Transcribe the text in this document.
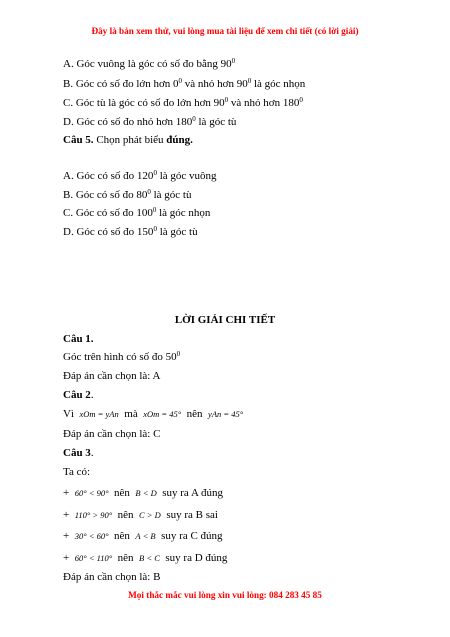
Đây là bản xem thử, vui lòng mua tài liệu để xem chi tiết (có lời giải)
A. Góc vuông là góc có số đo bằng $90^0$
B. Góc có số đo lớn hơn $0^0$ và nhỏ hơn $90^0$ là góc nhọn
C. Góc tù là góc có số đo lớn hơn $90^0$ và nhỏ hơn $180^0$
D. Góc có số đo nhỏ hơn $180^0$ là góc tù
Câu 5. Chọn phát biểu đúng.
A. Góc có số đo $120^0$ là góc vuông
B. Góc có số đo $80^0$ là góc tù
C. Góc có số đo $100^0$ là góc nhọn
D. Góc có số đo $150^0$ là góc tù
LỜI GIẢI CHI TIẾT
Câu 1.
Góc trên hình có số đo $50^0$
Đáp án cần chọn là: A
Câu 2.
Vì xOm = yAn mà xOm = 45° nên yAn = 45°
Đáp án cần chọn là: C
Câu 3.
Ta có:
+ 60° < 90° nên B < D suy ra A đúng
+ 110° > 90° nên C > D suy ra B sai
+ 30° < 60° nên A < B suy ra C đúng
+ 60° < 110° nên B < C suy ra D đúng
Đáp án cần chọn là: B
Mọi thắc mắc vui lòng xin vui lòng: 084 283 45 85
